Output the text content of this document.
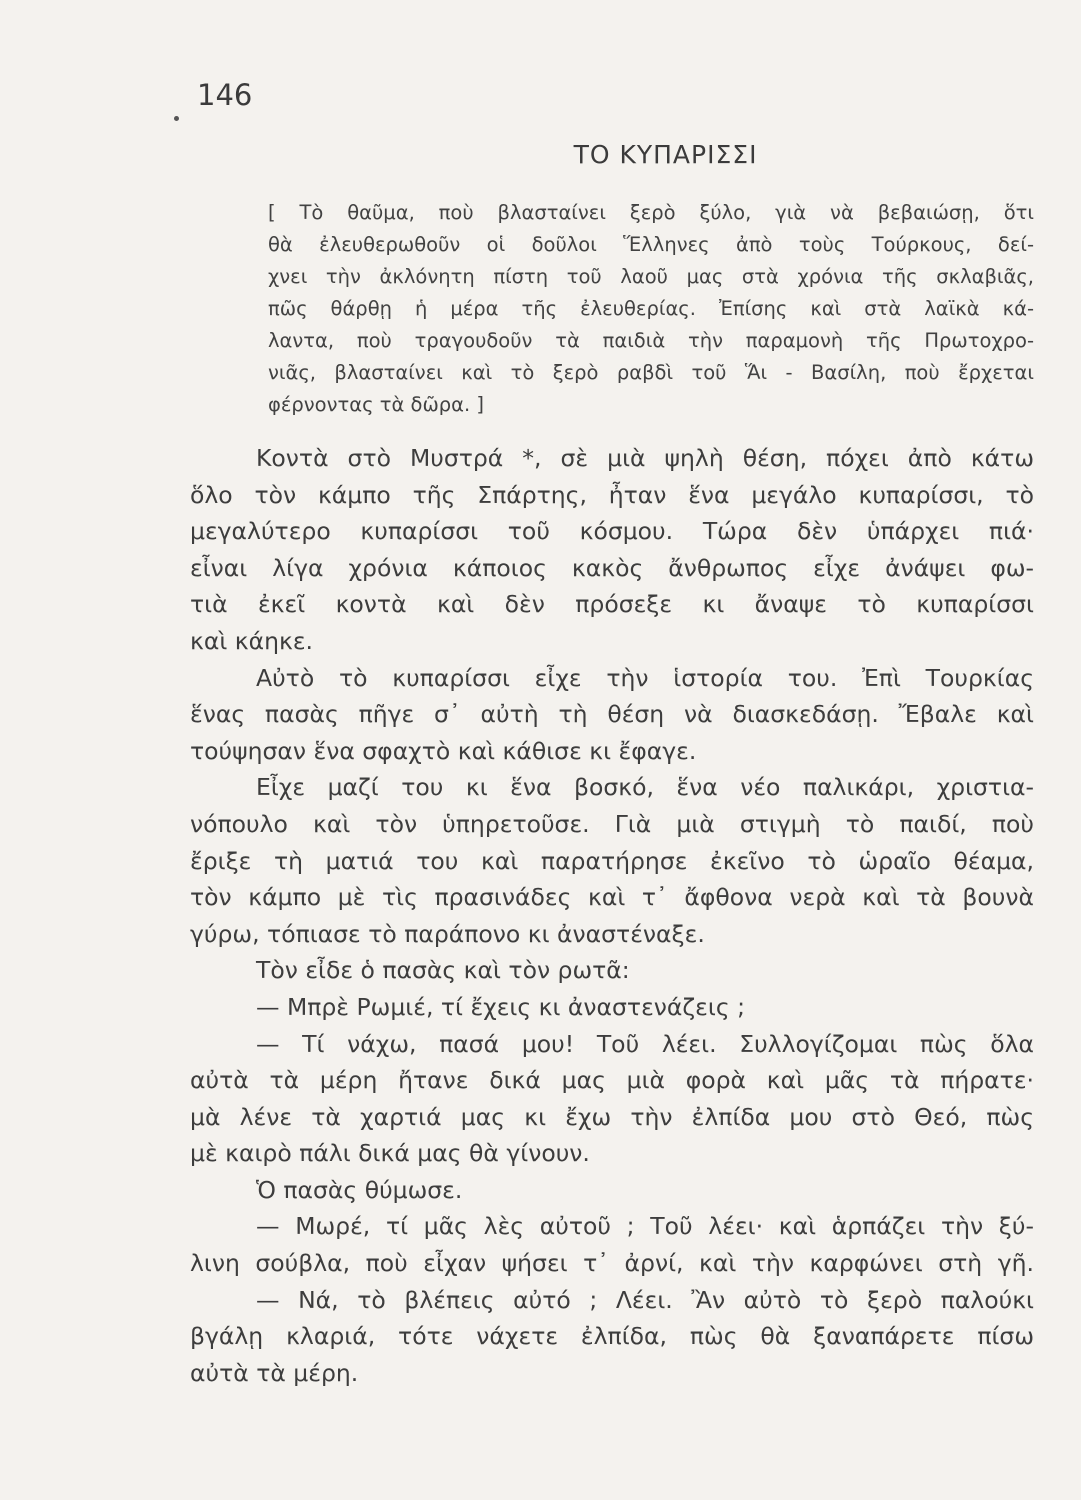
146
ΤΟ ΚΥΠΑΡΙΣΣΙ
[ Τὸ θαῦμα, ποὺ βλασταίνει ξερὸ ξύλο, γιὰ νὰ βεβαιώσῃ, ὅτι
θὰ ἐλευθερωθοῦν οἱ δοῦλοι Ἕλληνες ἀπὸ τοὺς Τούρκους, δεί-
χνει τὴν ἀκλόνητη πίστη τοῦ λαοῦ μας στὰ χρόνια τῆς σκλαβιᾶς,
πῶς θάρθῃ ἡ μέρα τῆς ἐλευθερίας. Ἐπίσης καὶ στὰ λαϊκὰ κά-
λαντα, ποὺ τραγουδοῦν τὰ παιδιὰ τὴν παραμονὴ τῆς Πρωτοχρο-
νιᾶς, βλασταίνει καὶ τὸ ξερὸ ραβδὶ τοῦ Ἅι - Βασίλη, ποὺ ἔρχεται
φέρνοντας τὰ δῶρα. ]
Κοντὰ στὸ Μυστρά *, σὲ μιὰ ψηλὴ θέση, πόχει ἀπὸ κάτω
ὅλο τὸν κάμπο τῆς Σπάρτης, ἦταν ἕνα μεγάλο κυπαρίσσι, τὸ
μεγαλύτερο κυπαρίσσι τοῦ κόσμου. Τώρα δὲν ὑπάρχει πιά·
εἶναι λίγα χρόνια κάποιος κακὸς ἄνθρωπος εἶχε ἀνάψει φω-
τιὰ ἐκεῖ κοντὰ καὶ δὲν πρόσεξε κι ἄναψε τὸ κυπαρίσσι
καὶ κάηκε.
Αὐτὸ τὸ κυπαρίσσι εἶχε τὴν ἱστορία του. Ἐπὶ Τουρκίας
ἕνας πασὰς πῆγε σ᾽ αὐτὴ τὴ θέση νὰ διασκεδάσῃ. Ἔβαλε καὶ
τούψησαν ἕνα σφαχτὸ καὶ κάθισε κι ἔφαγε.
Εἶχε μαζί του κι ἕνα βοσκό, ἕνα νέο παλικάρι, χριστια-
νόπουλο καὶ τὸν ὑπηρετοῦσε. Γιὰ μιὰ στιγμὴ τὸ παιδί, ποὺ
ἔριξε τὴ ματιά του καὶ παρατήρησε ἐκεῖνο τὸ ὡραῖο θέαμα,
τὸν κάμπο μὲ τὶς πρασινάδες καὶ τ᾽ ἄφθονα νερὰ καὶ τὰ βουνὰ
γύρω, τόπιασε τὸ παράπονο κι ἀναστέναξε.
Τὸν εἶδε ὁ πασὰς καὶ τὸν ρωτᾶ:
— Μπρὲ Ρωμιέ, τί ἔχεις κι ἀναστενάζεις ;
— Τί νάχω, πασά μου! Τοῦ λέει. Συλλογίζομαι πὼς ὅλα
αὐτὰ τὰ μέρη ἤτανε δικά μας μιὰ φορὰ καὶ μᾶς τὰ πήρατε·
μὰ λένε τὰ χαρτιά μας κι ἔχω τὴν ἐλπίδα μου στὸ Θεό, πὼς
μὲ καιρὸ πάλι δικά μας θὰ γίνουν.
Ὁ πασὰς θύμωσε.
— Μωρέ, τί μᾶς λὲς αὐτοῦ ; Τοῦ λέει· καὶ ἁρπάζει τὴν ξύ-
λινη σούβλα, ποὺ εἶχαν ψήσει τ᾽ ἀρνί, καὶ τὴν καρφώνει στὴ γῆ.
— Νά, τὸ βλέπεις αὐτό ; Λέει. Ἂν αὐτὸ τὸ ξερὸ παλούκι
βγάλῃ κλαριά, τότε νάχετε ἐλπίδα, πὼς θὰ ξαναπάρετε πίσω
αὐτὰ τὰ μέρη.
